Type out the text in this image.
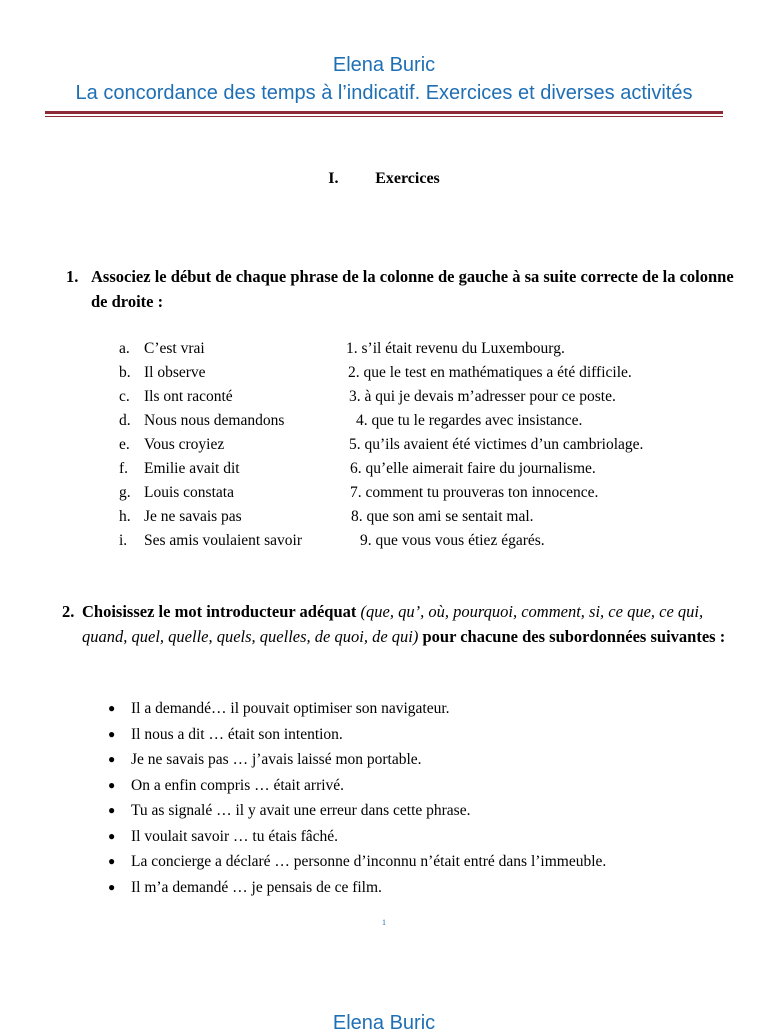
Elena Buric
La concordance des temps à l’indicatif. Exercices et diverses activités
I. Exercices
1. Associez le début de chaque phrase de la colonne de gauche à sa suite correcte de la colonne de droite :
a. C’est vrai	1. s’il était revenu du Luxembourg.
b. Il observe	2. que le test en mathématiques a été difficile.
c. Ils ont raconté	3. à qui je devais m’adresser pour ce poste.
d. Nous nous demandons	4. que tu le regardes avec insistance.
e. Vous croyiez	5. qu’ils avaient été victimes d’un cambriolage.
f. Emilie avait dit	6. qu’elle aimerait faire du journalisme.
g. Louis constata	7. comment tu prouveras ton innocence.
h. Je ne savais pas	8. que son ami se sentait mal.
i. Ses amis voulaient savoir	9. que vous vous étiez égarés.
2. Choisissez le mot introducteur adéquat (que, qu’, où, pourquoi, comment, si, ce que, ce qui, quand, quel, quelle, quels, quelles, de quoi, de qui) pour chacune des subordonnées suivantes :
● Il a demandé… il pouvait optimiser son navigateur.
● Il nous a dit … était son intention.
● Je ne savais pas … j’avais laissé mon portable.
● On a enfin compris … était arrivé.
● Tu as signalé … il y avait une erreur dans cette phrase.
● Il voulait savoir … tu étais fâché.
● La concierge a déclaré … personne d’inconnu n’était entré dans l’immeuble.
● Il m’a demandé … je pensais de ce film.
1
Elena Buric
